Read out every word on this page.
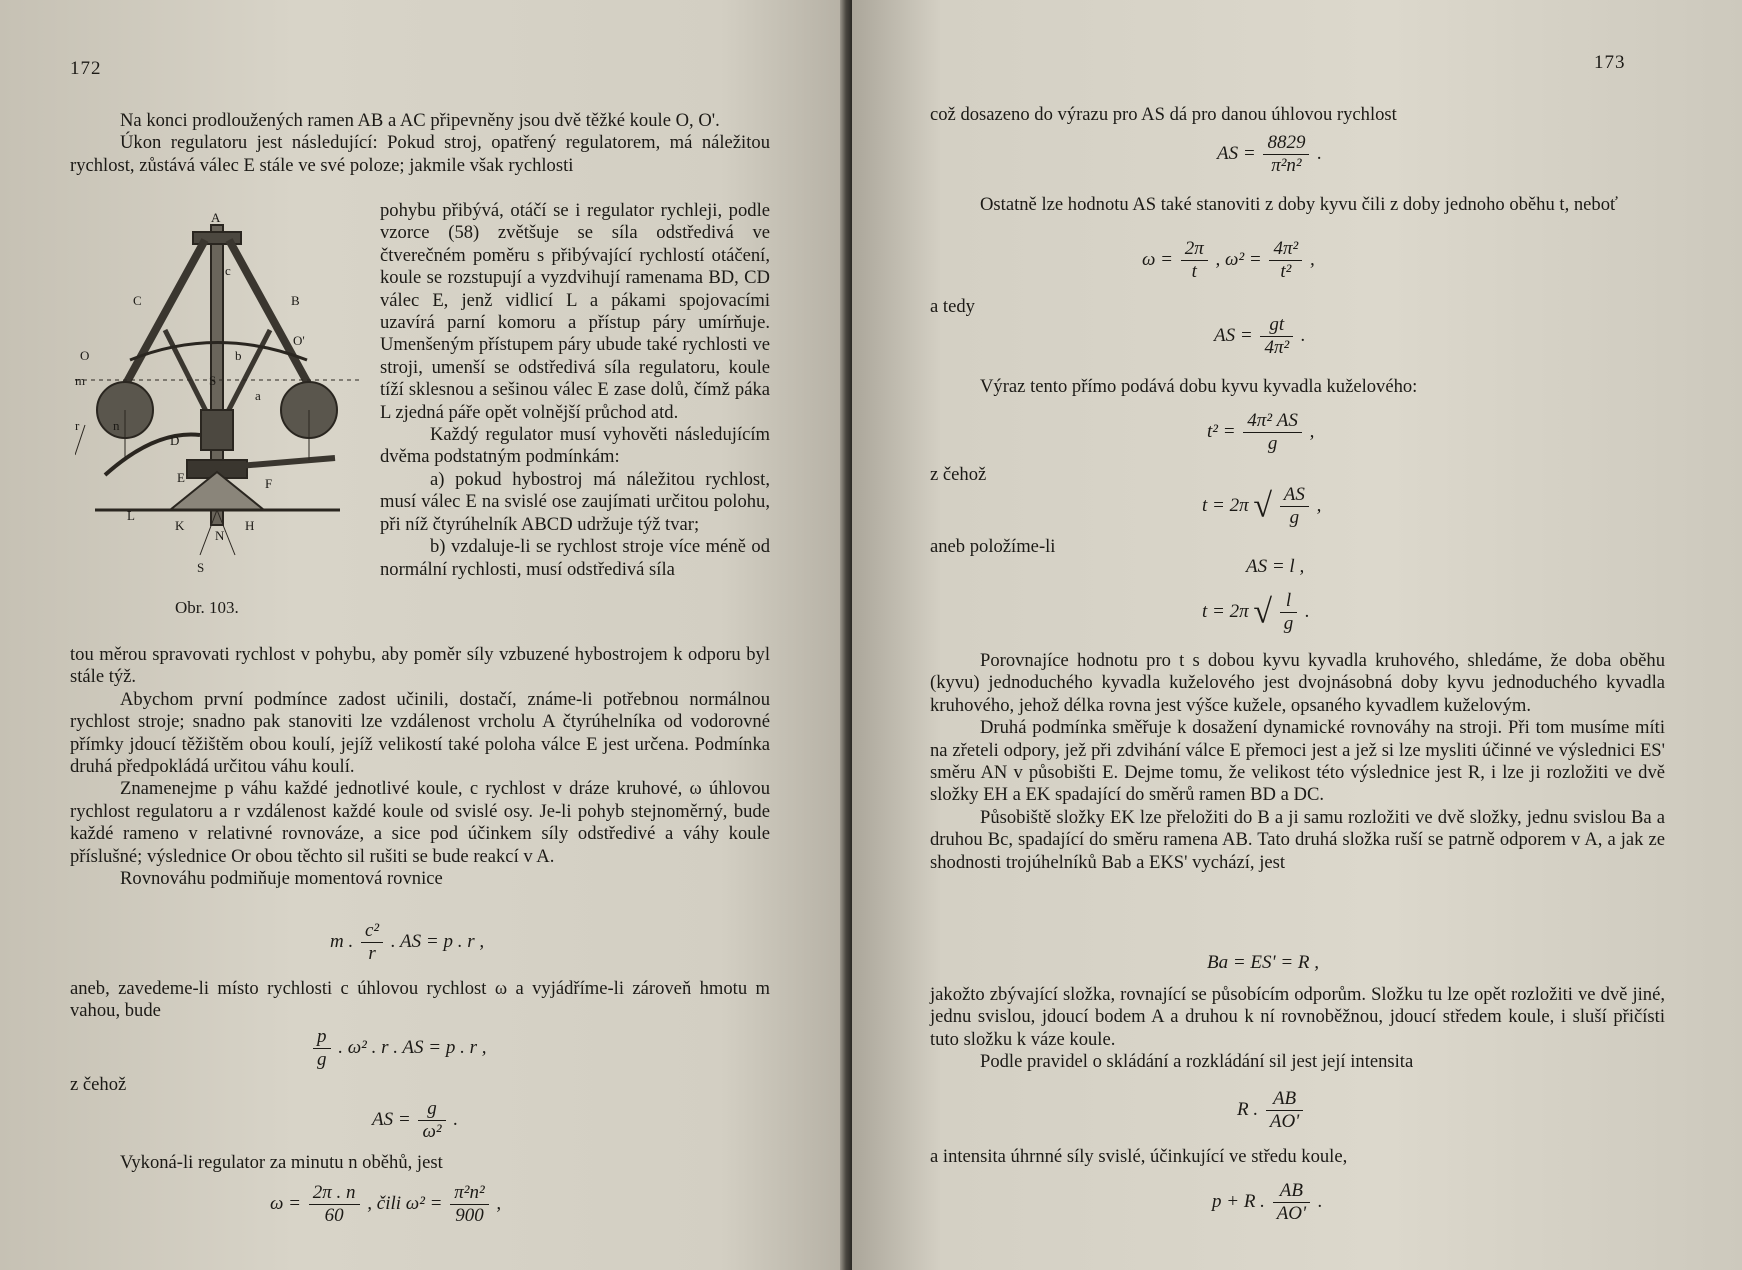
172

Na konci prodloužených ramen AB a AC připevněny jsou dvě těžké koule O, O'.

Úkon regulatoru jest následující: Pokud stroj, opatřený regulatorem, má náležitou rychlost, zůstává válec E stále ve své poloze; jakmile však rychlosti

A
B
C
D
E	F
H
K
L
N
S
O
O'
m
r	n
a
b
c
S
Obr. 103.

pohybu přibývá, otáčí se i regulator rychleji, podle vzorce (58) zvětšuje se síla odstředivá ve čtverečném poměru s přibývající rychlostí otáčení, koule se rozstupují a vyzdvihují ramenama BD, CD válec E, jenž vidlicí L a pákami spojovacími uzavírá parní komoru a přístup páry umírňuje. Umenšeným přístupem páry ubude také rychlosti ve stroji, umenší se odstředivá síla regulatoru, koule tíží sklesnou a sešinou válec E zase dolů, čímž páka L zjedná páře opět volnější průchod atd.

Každý regulator musí vyhověti následujícím dvěma podstatným podmínkám:

a) pokud hybostroj má náležitou rychlost, musí válec E na svislé ose zaujímati určitou polohu, při níž čtyrúhelník ABCD udržuje týž tvar;

b) vzdaluje-li se rychlost stroje více méně od normální rychlosti, musí odstředivá síla

tou měrou spravovati rychlost v pohybu, aby poměr síly vzbuzené hybostrojem k odporu byl stále týž.

Abychom první podmínce zadost učinili, dostačí, známe-li potřebnou normálnou rychlost stroje; snadno pak stanoviti lze vzdálenost vrcholu A čtyrúhelníka od vodorovné přímky jdoucí těžištěm obou koulí, jejíž velikostí také poloha válce E jest určena. Podmínka druhá předpokládá určitou váhu koulí.

Znamenejme p váhu každé jednotlivé koule, c rychlost v dráze kruhové, ω úhlovou rychlost regulatoru a r vzdálenost každé koule od svislé osy. Je-li pohyb stejnoměrný, bude každé rameno v relativné rovnováze, a sice pod účinkem síly odstředivé a váhy koule příslušné; výslednice Or obou těchto sil rušiti se bude reakcí v A.

Rovnováhu podmiňuje momentová rovnice

m . $\frac{\text{c²}}{r}$ . AS = p . r ,

aneb, zavedeme-li místo rychlosti c úhlovou rychlost ω a vyjádříme-li zároveň hmotu m vahou, bude

$\frac{p}{g}$ . ω² . r . AS = p . r ,
z čehož
AS = $\frac{g}{\text{ω²}}$ .

Vykoná-li regulator za minutu n oběhů, jest

$\omega = \frac{2\pi . n}{60}$ , čili $\omega^2 = \frac{\text{π²n²}}{900}$ ,
173

což dosazeno do výrazu pro AS dá pro danou úhlovou rychlost

AS = $\frac{8829}{\text{π²n²}}$ .

Ostatně lze hodnotu AS také stanoviti z doby kyvu čili z doby jednoho oběhu t, neboť

$\omega = \frac{2\pi}{t}$ , $\omega^2 = \frac{\text{4π²}}{\text{t²}}$ ,
a tedy
AS = $\frac{gt}{\text{4π²}}$ .

Výraz tento přímo podává dobu kyvu kyvadla kuželového:

$t^2 = \frac{\text{4π² AS}}{g}$ ,
z čehož
t = 2π √ $\frac{AS}{g}$ ,
aneb položíme-li
AS = l ,
t = 2π √ $\frac{l}{g}$ .

Porovnajíce hodnotu pro t s dobou kyvu kyvadla kruhového, shledáme, že doba oběhu (kyvu) jednoduchého kyvadla kuželového jest dvojnásobná doby kyvu jednoduchého kyvadla kruhového, jehož délka rovna jest výšce kužele, opsaného kyvadlem kuželovým.

Druhá podmínka směřuje k dosažení dynamické rovnováhy na stroji. Při tom musíme míti na zřeteli odpory, jež při zdvihání válce E přemoci jest a jež si lze mysliti účinné ve výslednici ES' směru AN v působišti E. Dejme tomu, že velikost této výslednice jest R, i lze ji rozložiti ve dvě složky EH a EK spadající do směrů ramen BD a DC.

Působiště složky EK lze přeložiti do B a ji samu rozložiti ve dvě složky, jednu svislou Ba a druhou Bc, spadající do směru ramena AB. Tato druhá složka ruší se patrně odporem v A, a jak ze shodnosti trojúhelníků Bab a EKS' vychází, jest

Ba = ES' = R ,

jakožto zbývající složka, rovnající se působícím odporům. Složku tu lze opět rozložiti ve dvě jiné, jednu svislou, jdoucí bodem A a druhou k ní rovnoběžnou, jdoucí středem koule, i sluší přičísti tuto složku k váze koule.

Podle pravidel o skládání a rozkládání sil jest její intensita

R . $\frac{AB}{AO'}$

a intensita úhrnné síly svislé, účinkující ve středu koule,

p + R . $\frac{AB}{AO'}$ .
